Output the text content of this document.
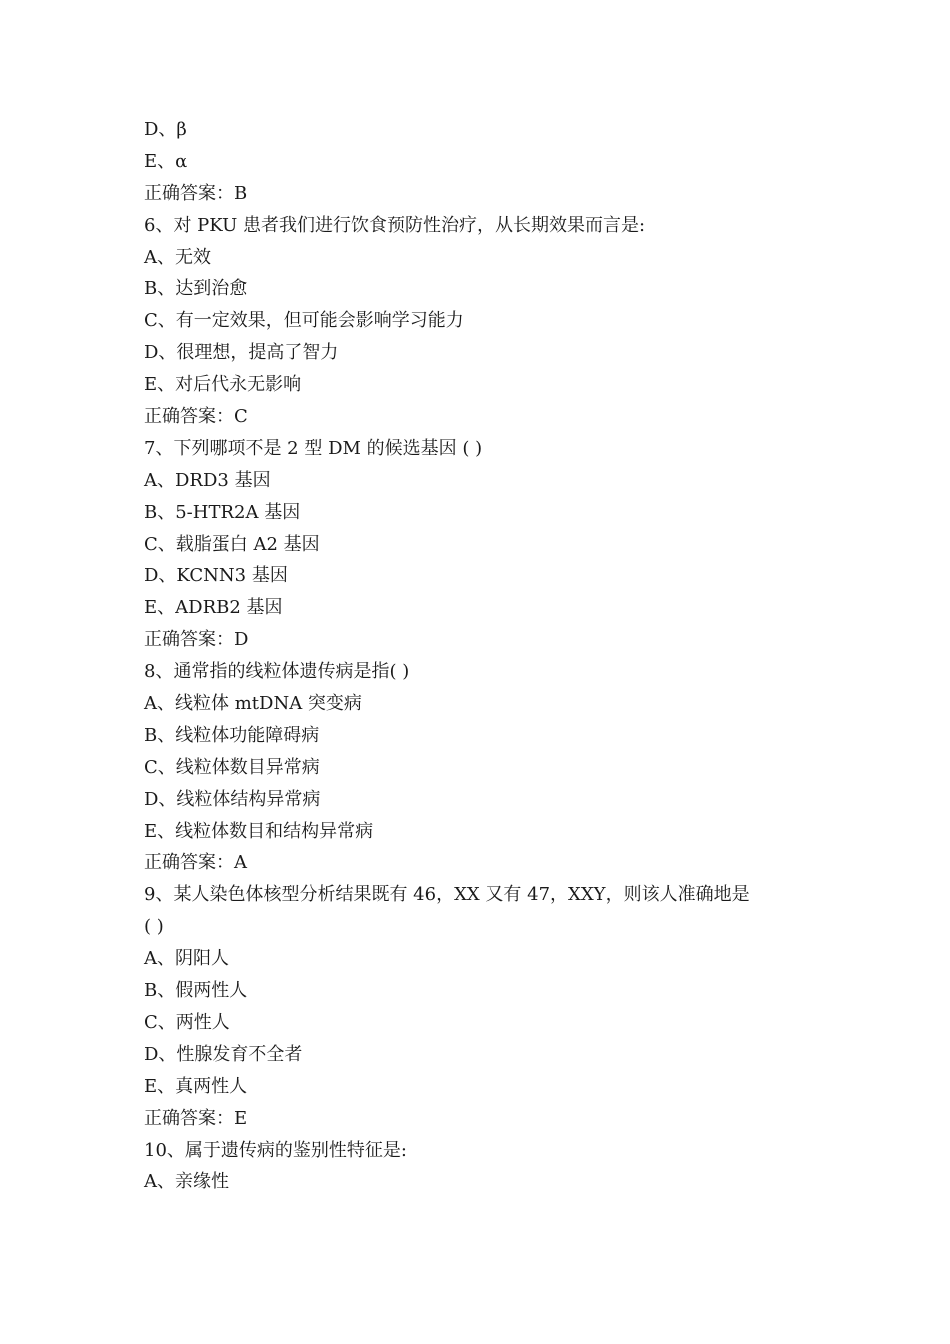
D、β
E、α
正确答案：B
6、对 PKU 患者我们进行饮食预防性治疗，从长期效果而言是:
A、无效
B、达到治愈
C、有一定效果，但可能会影响学习能力
D、很理想，提高了智力
E、对后代永无影响
正确答案：C
7、下列哪项不是 2 型 DM 的候选基因 ( )
A、DRD3 基因
B、5-HTR2A 基因
C、载脂蛋白 A2 基因
D、KCNN3 基因
E、ADRB2 基因
正确答案：D
8、通常指的线粒体遗传病是指( )
A、线粒体 mtDNA 突变病
B、线粒体功能障碍病
C、线粒体数目异常病
D、线粒体结构异常病
E、线粒体数目和结构异常病
正确答案：A
9、某人染色体核型分析结果既有 46，XX 又有 47，XXY，则该人准确地是
( )
A、阴阳人
B、假两性人
C、两性人
D、性腺发育不全者
E、真两性人
正确答案：E
10、属于遗传病的鉴别性特征是:
A、亲缘性
